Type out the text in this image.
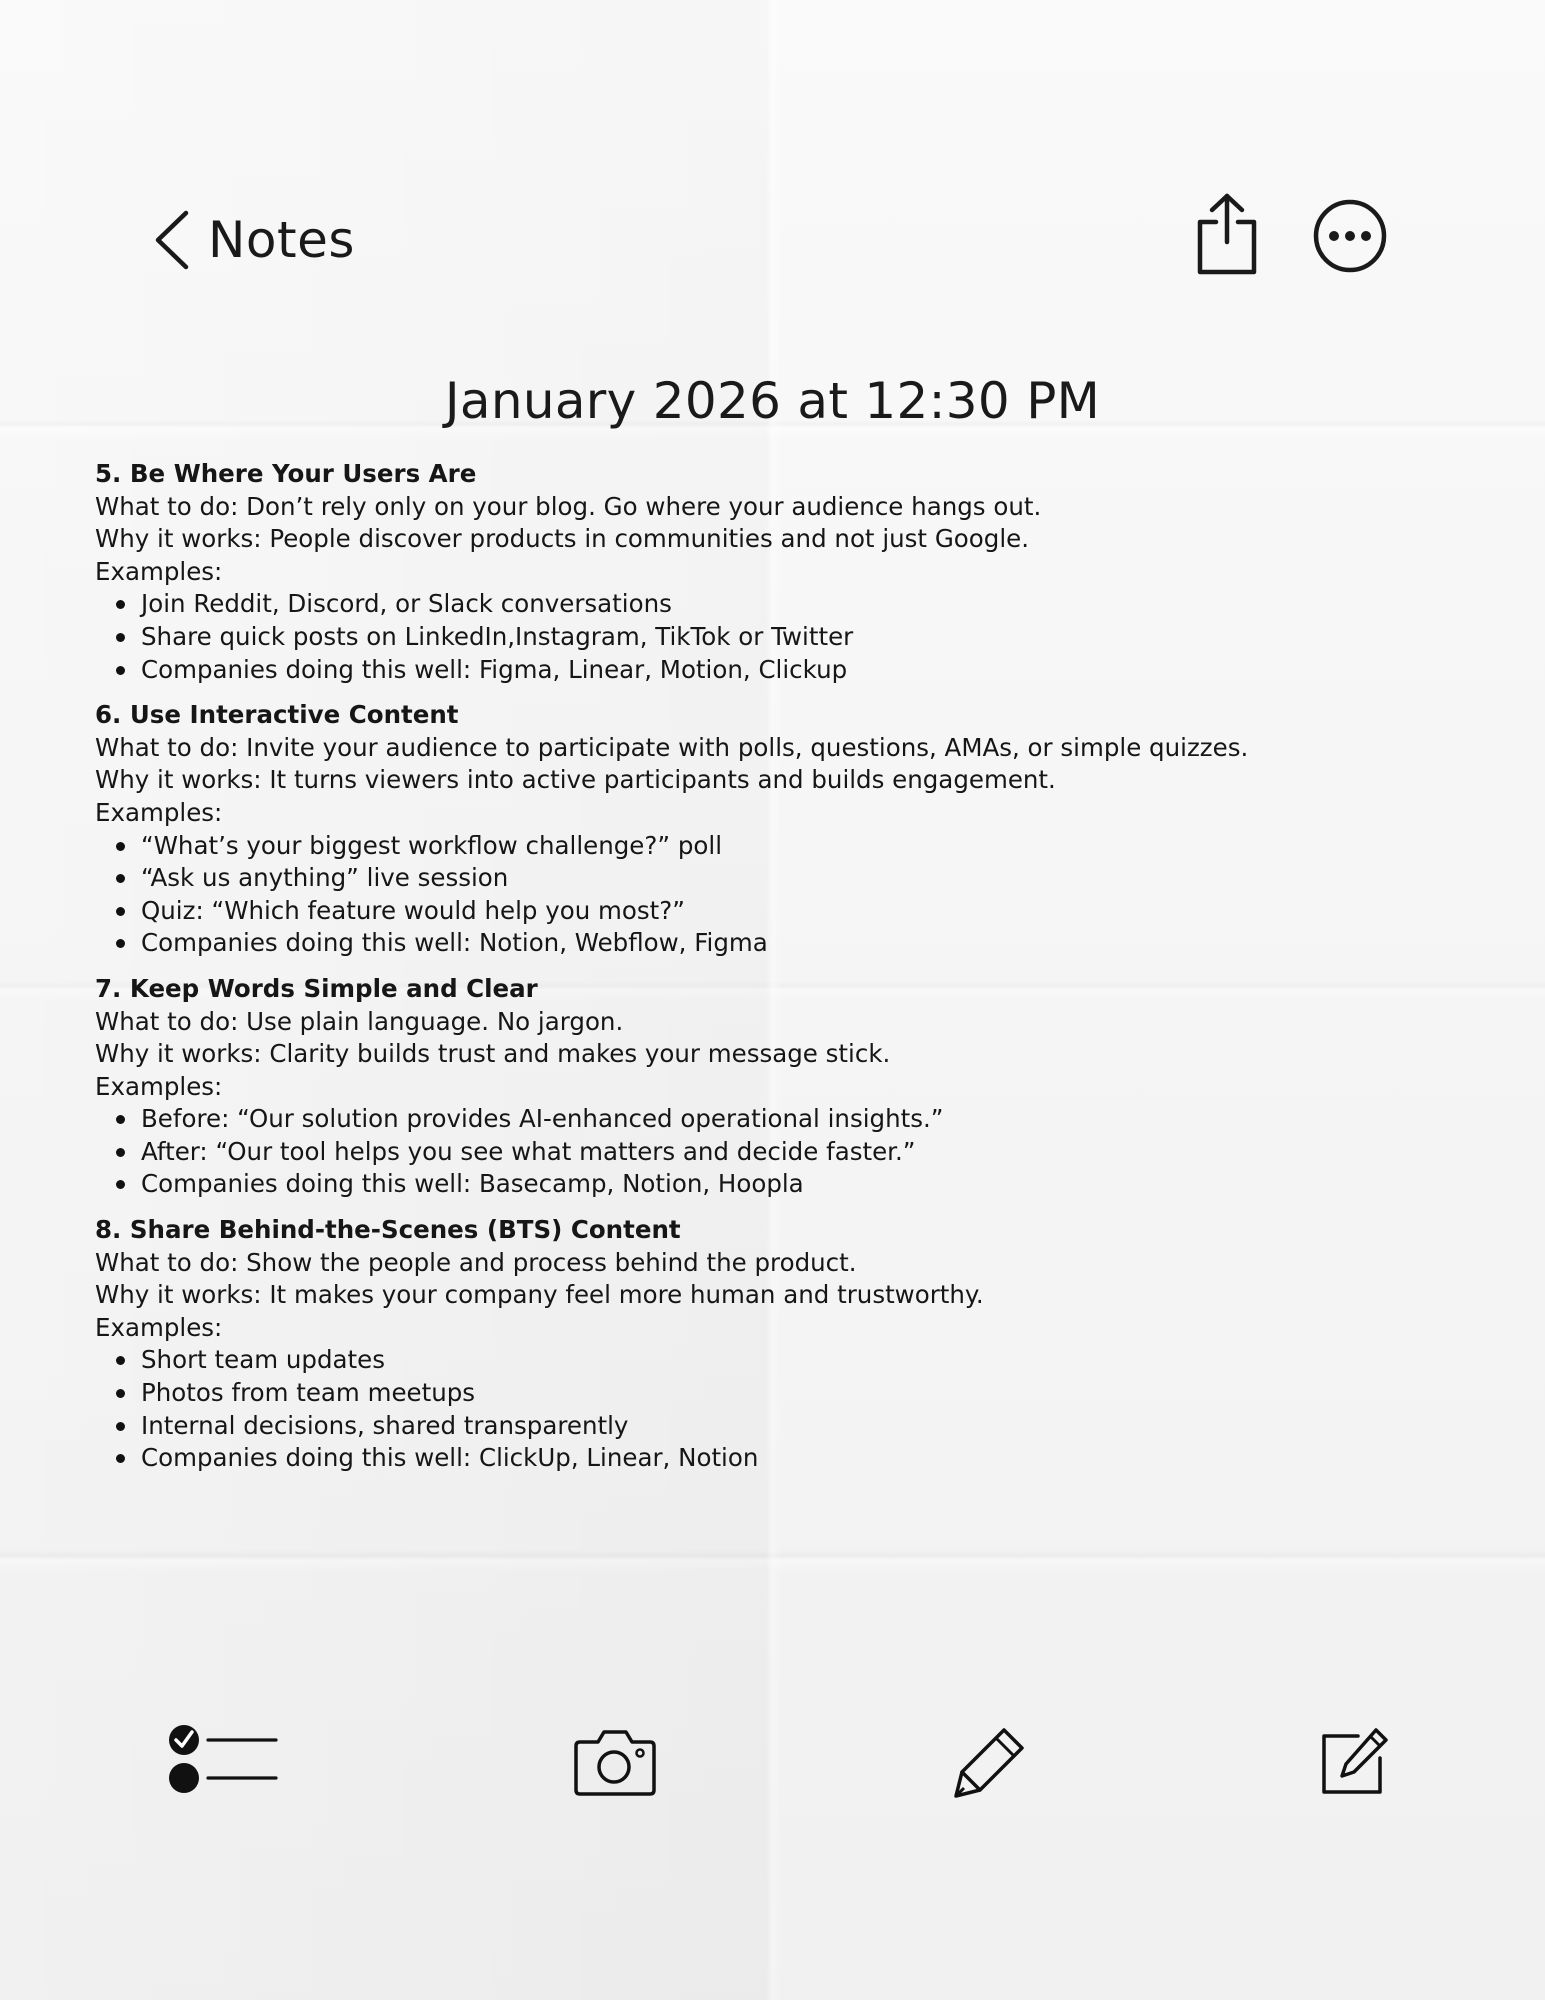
Notes
January 2026 at 12:30 PM

5. Be Where Your Users Are

What to do: Don’t rely only on your blog. Go where your audience hangs out.

Why it works: People discover products in communities and not just Google.

Examples:

Join Reddit, Discord, or Slack conversations
Share quick posts on LinkedIn,Instagram, TikTok or Twitter
Companies doing this well: Figma, Linear, Motion, Clickup

6. Use Interactive Content

What to do: Invite your audience to participate with polls, questions, AMAs, or simple quizzes.

Why it works: It turns viewers into active participants and builds engagement.

Examples:

“What’s your biggest workflow challenge?” poll
“Ask us anything” live session
Quiz: “Which feature would help you most?”
Companies doing this well: Notion, Webflow, Figma

7. Keep Words Simple and Clear

What to do: Use plain language. No jargon.

Why it works: Clarity builds trust and makes your message stick.

Examples:

Before: “Our solution provides AI-enhanced operational insights.”
After: “Our tool helps you see what matters and decide faster.”
Companies doing this well: Basecamp, Notion, Hoopla

8. Share Behind-the-Scenes (BTS) Content

What to do: Show the people and process behind the product.

Why it works: It makes your company feel more human and trustworthy.

Examples:

Short team updates
Photos from team meetups
Internal decisions, shared transparently
Companies doing this well: ClickUp, Linear, Notion
